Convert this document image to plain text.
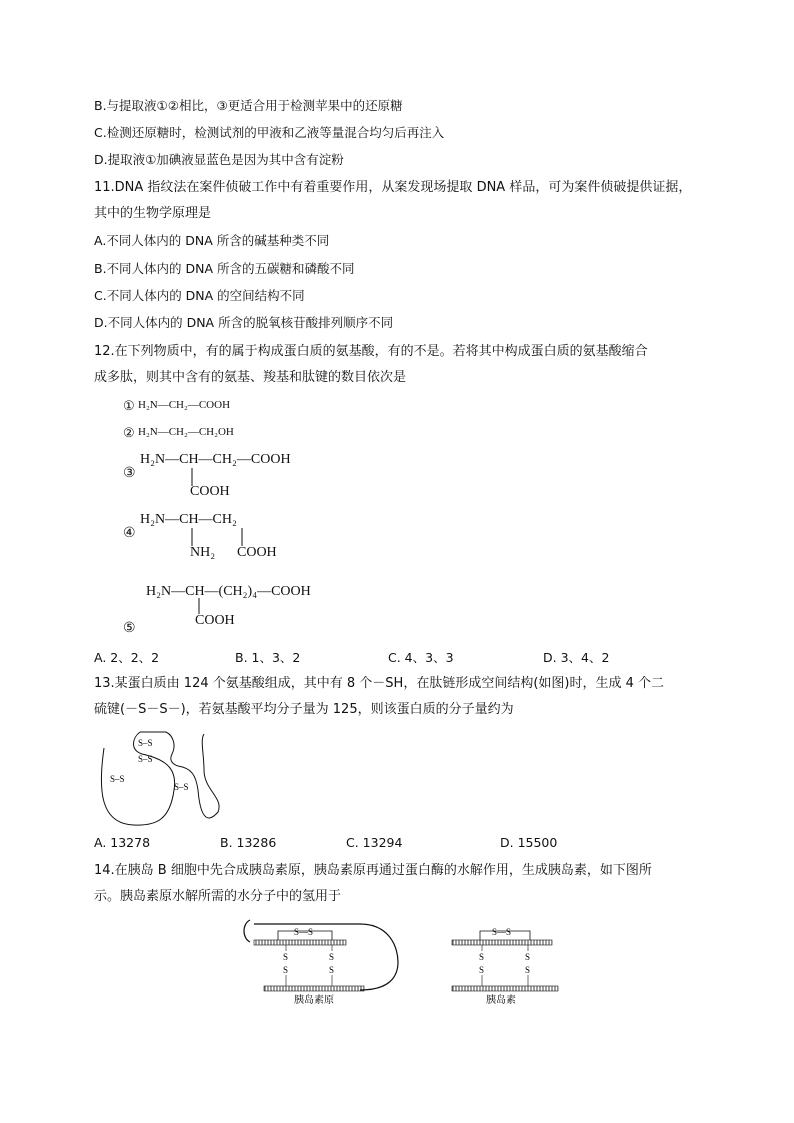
B.与提取液①②相比，③更适合用于检测苹果中的还原糖
C.检测还原糖时，检测试剂的甲液和乙液等量混合均匀后再注入
D.提取液①加碘液显蓝色是因为其中含有淀粉
11.DNA 指纹法在案件侦破工作中有着重要作用，从案发现场提取 DNA 样品，可为案件侦破提供证据，
其中的生物学原理是
A.不同人体内的 DNA 所含的碱基种类不同
B.不同人体内的 DNA 所含的五碳糖和磷酸不同
C.不同人体内的 DNA 的空间结构不同
D.不同人体内的 DNA 所含的脱氧核苷酸排列顺序不同
12.在下列物质中，有的属于构成蛋白质的氨基酸，有的不是。若将其中构成蛋白质的氨基酸缩合
成多肽，则其中含有的氨基、羧基和肽键的数目依次是
① H₂N—CH₂—COOH
② H₂N—CH₂—CH₂OH
③
H₂N—CH—CH₂—COOH
COOH
④
H₂N—CH—CH₂
NH₂ COOH
H₂N—CH—(CH₂)₄—COOH
COOH
⑤
A. 2、2、2	B. 1、3、2	C. 4、3、3	D. 3、4、2
13.某蛋白质由 124 个氨基酸组成，其中有 8 个－SH，在肽链形成空间结构(如图)时，生成 4 个二
硫键(－S－S－)，若氨基酸平均分子量为 125，则该蛋白质的分子量约为
S–S
S–S
S–S
S–S
A. 13278	B. 13286	C. 13294	D. 15500
14.在胰岛 B 细胞中先合成胰岛素原，胰岛素原再通过蛋白酶的水解作用，生成胰岛素，如下图所
示。胰岛素原水解所需的水分子中的氢用于
S—S
S
S
S
S
胰岛素原
S—S
S
S
S
S
胰岛素
